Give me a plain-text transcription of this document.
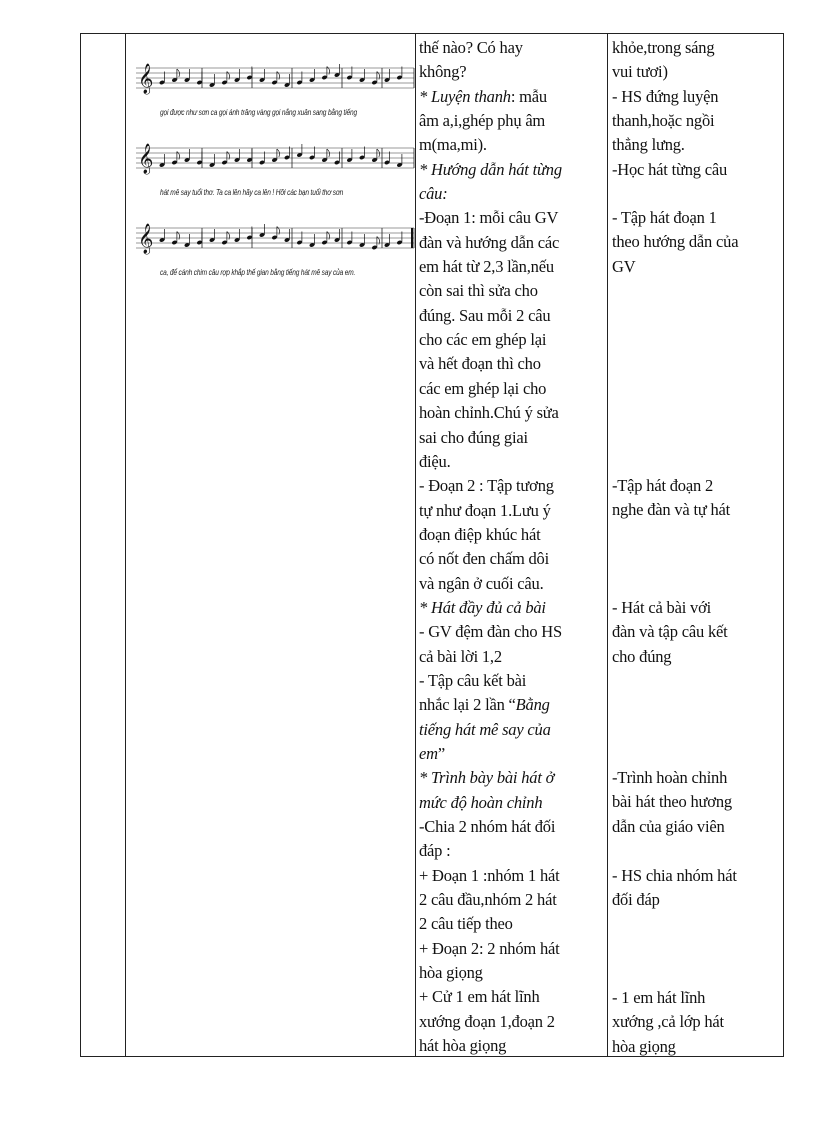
𝄞
𝄞
𝄞
gọi được như sơn ca gọi ánh trăng vàng gọi nắng xuân sang bằng tiếng
hát mê say tuổi thơ. Ta ca lên hãy ca lên ! Hỡi các bạn tuổi thơ sơn
ca, để cánh chim câu rợp khắp thế gian bằng tiếng hát mê say của em.
thế nào? Có hay
không?
* Luyện thanh: mẫu
âm a,i,ghép phụ âm
m(ma,mi).
* Hướng dẫn hát từng
câu:
-Đoạn 1: mỗi câu GV
đàn và hướng dẫn các
em hát từ 2,3 lần,nếu
còn sai thì sửa cho
đúng. Sau mỗi 2 câu
cho các em ghép lại
và hết đoạn thì cho
các em ghép lại cho
hoàn chỉnh.Chú ý sửa
sai cho đúng giai
điệu.
- Đoạn 2 : Tập tương
tự như đoạn 1.Lưu ý
đoạn điệp khúc hát
có nốt đen chấm dôi
và ngân ở cuối câu.
* Hát đầy đủ cả bài
- GV đệm đàn cho HS
cả bài lời 1,2
- Tập câu kết bài
nhắc lại 2 lần “Bằng
tiếng hát mê say của
em”
* Trình bày bài hát ở
mức độ hoàn chỉnh
-Chia 2 nhóm hát đối
đáp :
+ Đoạn 1 :nhóm 1 hát
2 câu đầu,nhóm 2 hát
2 câu tiếp theo
+ Đoạn 2: 2 nhóm hát
hòa giọng
+ Cử 1 em hát lĩnh
xướng đoạn 1,đoạn 2
hát hòa giọng
khỏe,trong sáng
vui tươi)
- HS đứng luyện
thanh,hoặc ngồi
thẳng lưng.
-Học hát từng câu
- Tập hát đoạn 1
theo hướng dẫn của
GV
-Tập hát đoạn 2
nghe đàn và tự hát
- Hát cả bài với
đàn và tập câu kết
cho đúng
-Trình hoàn chỉnh
bài hát theo hương
dẫn của giáo viên
- HS chia nhóm hát
đối đáp
- 1 em hát lĩnh
xướng ,cả lớp hát
hòa giọng
